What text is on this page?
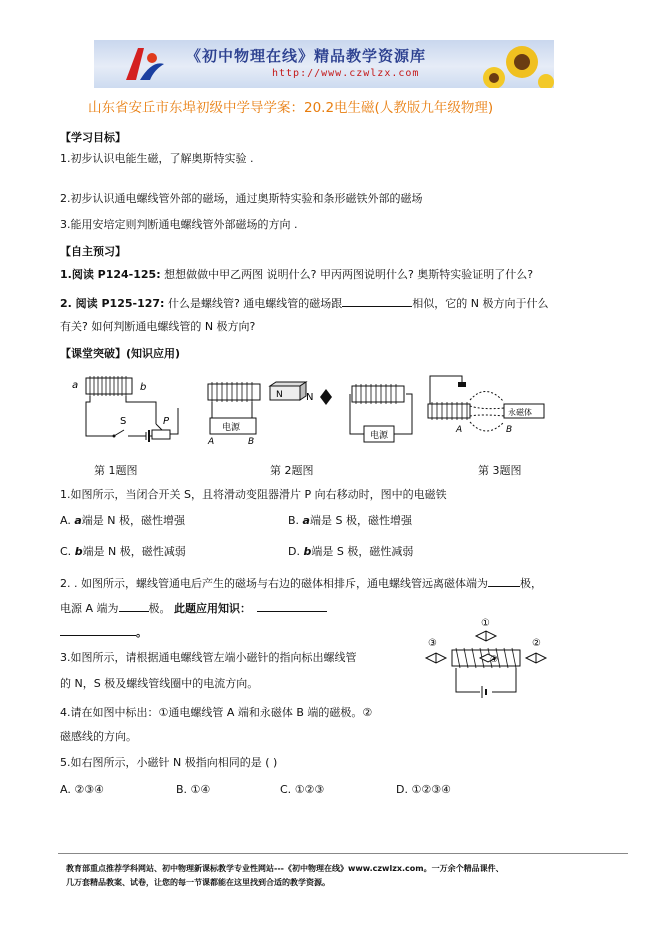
《初中物理在线》精品教学资源库
http://www.czwlzx.com
山东省安丘市东埠初级中学导学案：20.2电生磁(人教版九年级物理)
【学习目标】
1.初步认识电能生磁，了解奥斯特实验 .
2.初步认识通电螺线管外部的磁场，通过奥斯特实验和条形磁铁外部的磁场
3.能用安培定则判断通电螺线管外部磁场的方向 .
【自主预习】
1.阅读 P124-125: 想想做做中甲乙两图 说明什么? 甲丙两图说明什么? 奥斯特实验证明了什么?
2. 阅读 P125-127: 什么是螺线管? 通电螺线管的磁场跟	相似，它的 N 极方向于什么
有关? 如何判断通电螺线管的 N 极方向?
【课堂突破】(知识应用)
a	b
S	P
电源
A	B
N N
电源
永磁体
A	B
第 1题图	第 2题图	第 3题图
1.如图所示，当闭合开关 S，且将滑动变阻器滑片 P 向右移动时，图中的电磁铁
A. a端是 N 极，磁性增强	B. a端是 S 极，磁性增强
C. b端是 N 极，磁性减弱	D. b端是 S 极，磁性减弱
2. . 如图所示，螺线管通电后产生的磁场与右边的磁体相排斥，通电螺线管远离磁体端为	极，
电源 A 端为	极。 此题应用知识：
。
3.如图所示，请根据通电螺线管左端小磁针的指向标出螺线管
的 N，S 极及螺线管线圈中的电流方向。
①
③	②
④
4.请在如图中标出：①通电螺线管 A 端和永磁体 B 端的磁极。②
磁感线的方向。
5.如右图所示，小磁针 N 极指向相同的是 ( )
A. ②③④	B. ①④	C. ①②③	D. ①②③④
教育部重点推荐学科网站、初中物理新课标教学专业性网站---《初中物理在线》www.czwlzx.com。一万余个精品课件、
几万套精品教案、试卷，让您的每一节课都能在这里找到合适的教学资源。
